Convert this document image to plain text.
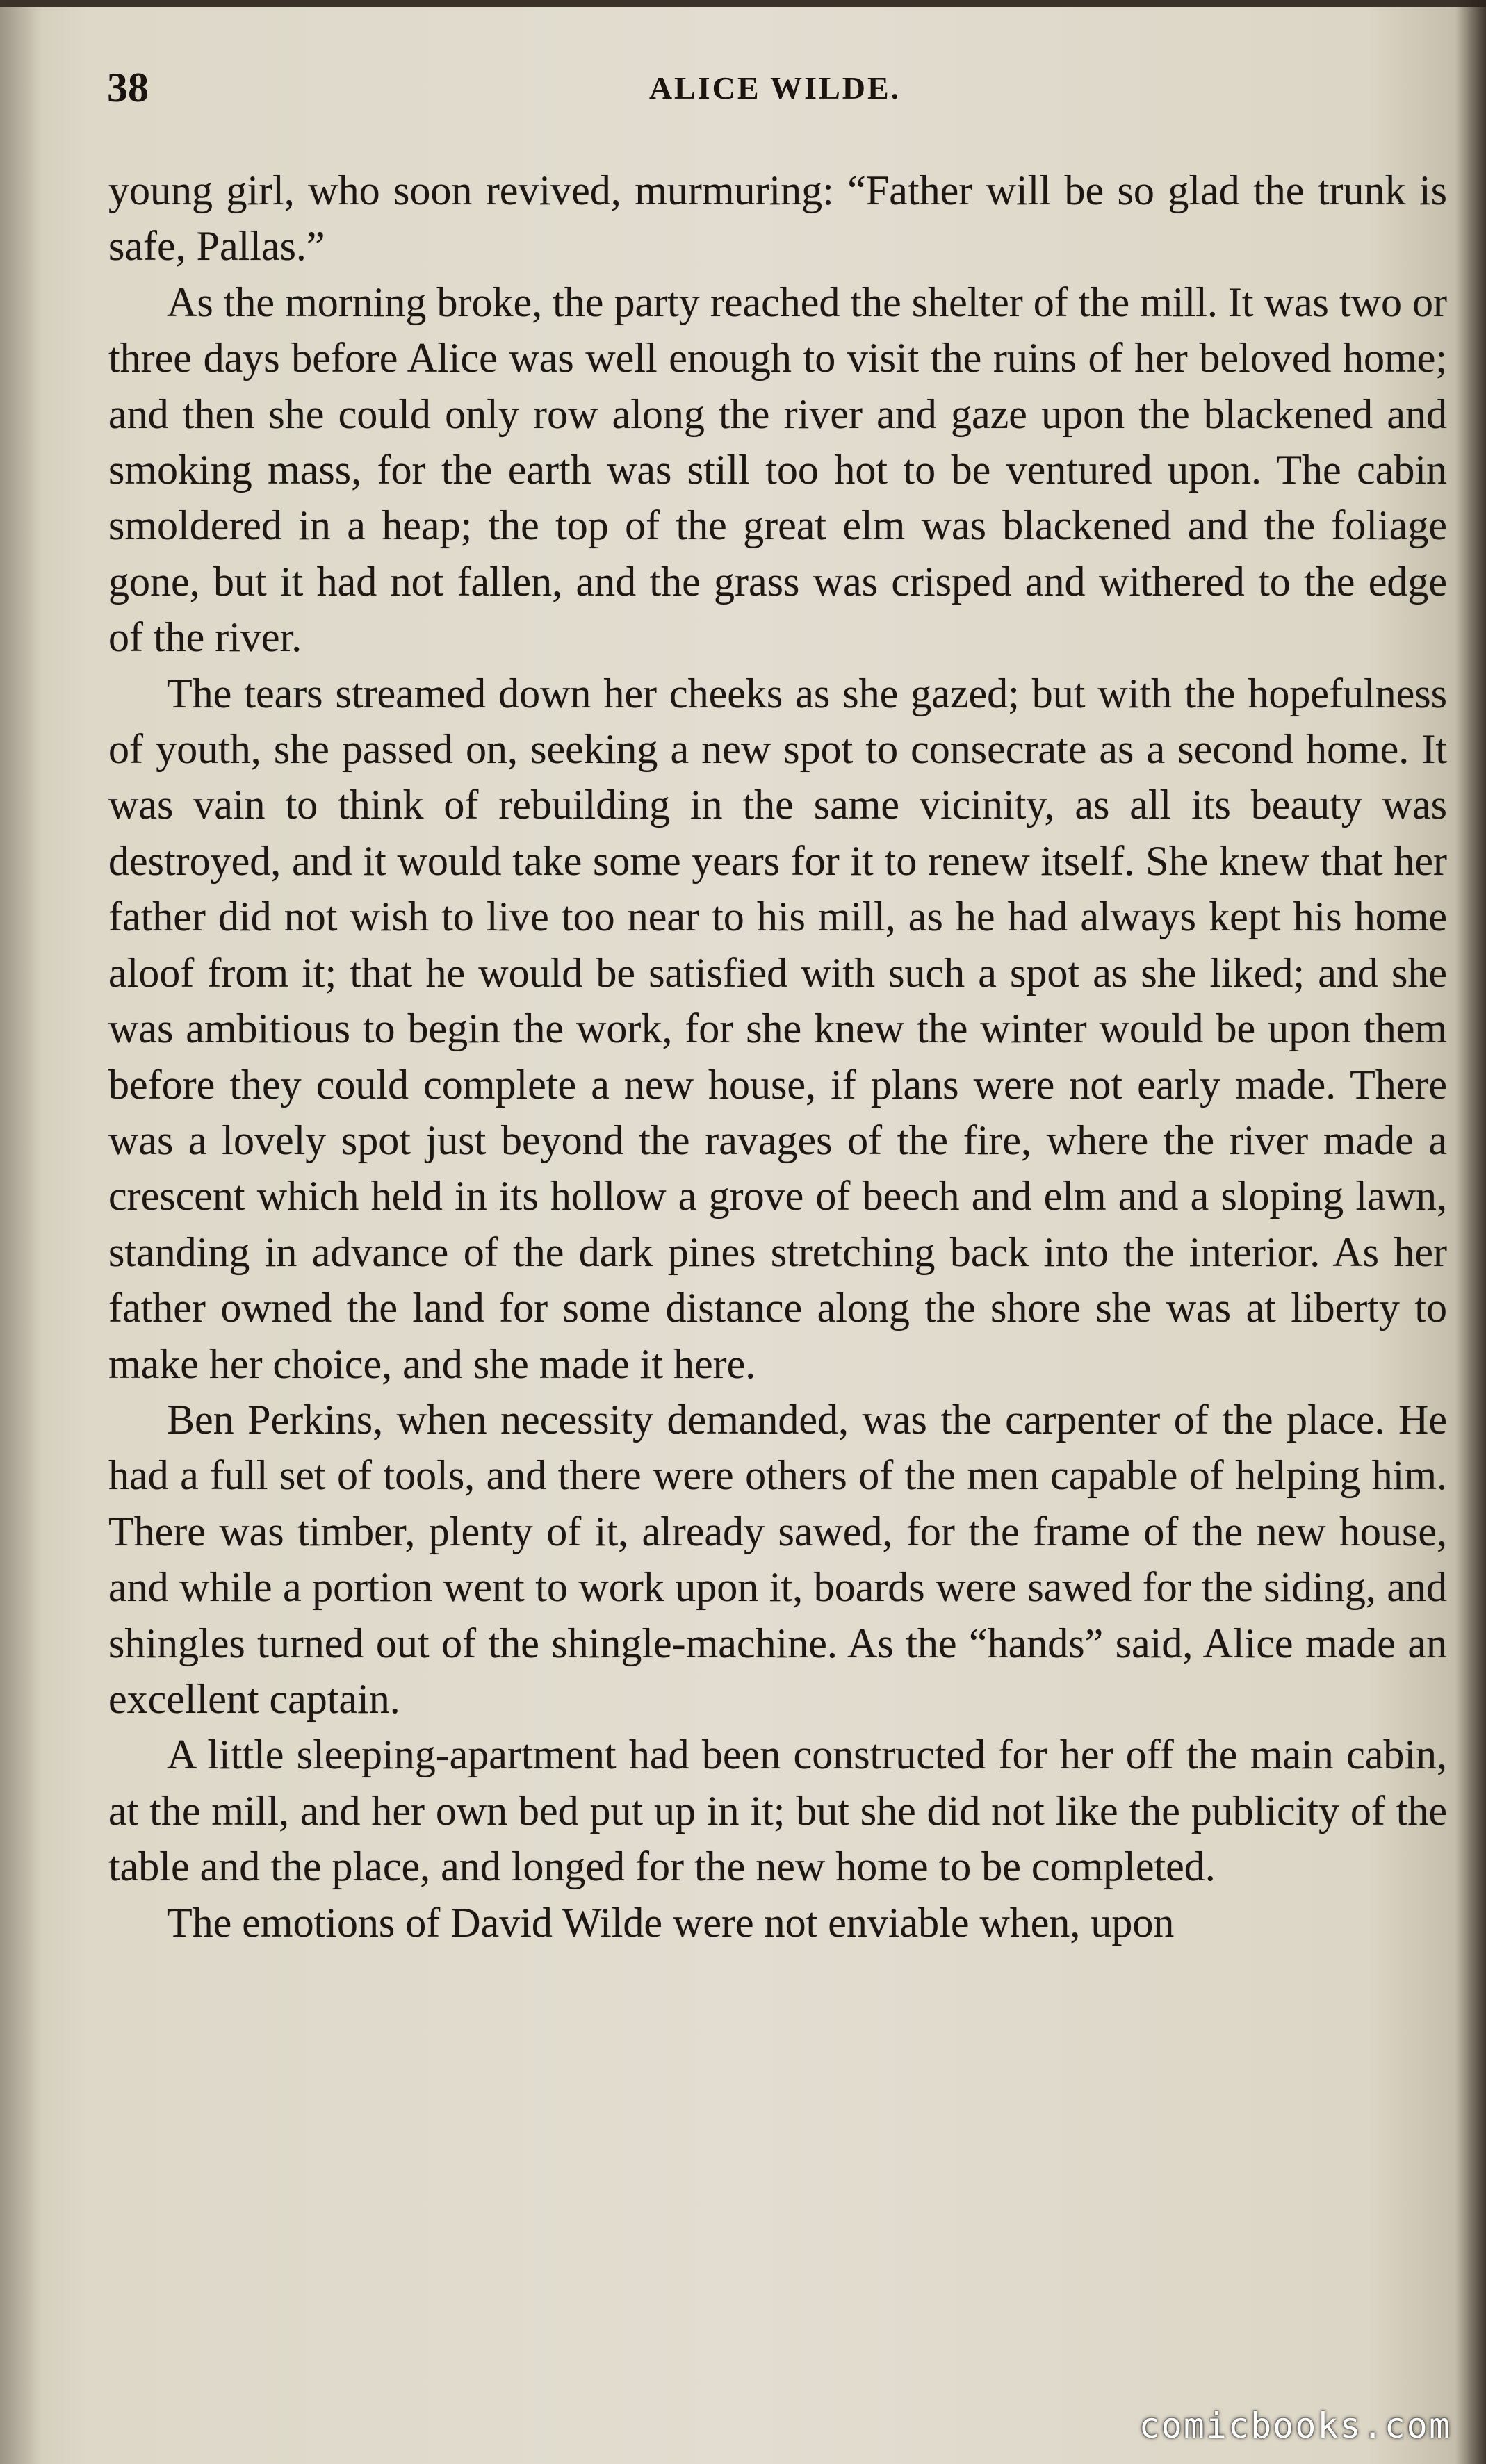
38	ALICE WILDE.

young girl, who soon revived, murmuring: “Father will be so glad the trunk is safe, Pallas.”

As the morning broke, the party reached the shelter of the mill. It was two or three days before Alice was well enough to visit the ruins of her beloved home; and then she could only row along the river and gaze upon the blackened and smoking mass, for the earth was still too hot to be ventured upon. The cabin smoldered in a heap; the top of the great elm was blackened and the foliage gone, but it had not fallen, and the grass was crisped and withered to the edge of the river.

The tears streamed down her cheeks as she gazed; but with the hopefulness of youth, she passed on, seeking a new spot to consecrate as a second home. It was vain to think of rebuilding in the same vicinity, as all its beauty was destroyed, and it would take some years for it to renew itself. She knew that her father did not wish to live too near to his mill, as he had always kept his home aloof from it; that he would be satisfied with such a spot as she liked; and she was ambitious to begin the work, for she knew the winter would be upon them before they could complete a new house, if plans were not early made. There was a lovely spot just beyond the ravages of the fire, where the river made a crescent which held in its hollow a grove of beech and elm and a sloping lawn, standing in advance of the dark pines stretching back into the interior. As her father owned the land for some distance along the shore she was at liberty to make her choice, and she made it here.

Ben Perkins, when necessity demanded, was the carpenter of the place. He had a full set of tools, and there were others of the men capable of helping him. There was timber, plenty of it, already sawed, for the frame of the new house, and while a portion went to work upon it, boards were sawed for the siding, and shingles turned out of the shingle-machine. As the “hands” said, Alice made an excellent captain.

A little sleeping-apartment had been constructed for her off the main cabin, at the mill, and her own bed put up in it; but she did not like the publicity of the table and the place, and longed for the new home to be completed.

The emotions of David Wilde were not enviable when, upon

comicbooks.com
